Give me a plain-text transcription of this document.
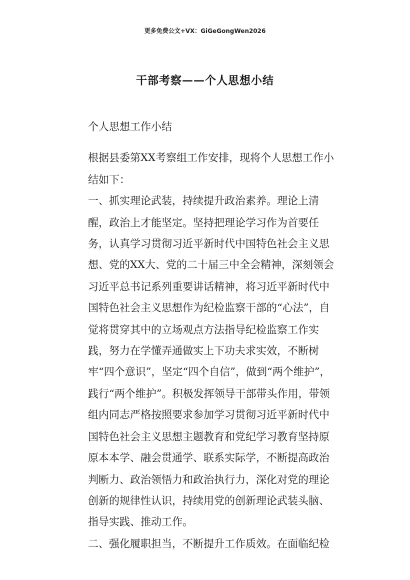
更多免费公文+VX：GiGeGongWen2026
干部考察——个人思想小结

个人思想工作小结

根据县委第XX考察组工作安排，现将个人思想工作小结如下：

一、抓实理论武装，持续提升政治素养。理论上清醒，政治上才能坚定。坚持把理论学习作为首要任务，认真学习贯彻习近平新时代中国特色社会主义思想、党的XX大、党的二十届三中全会精神，深刻领会习近平总书记系列重要讲话精神，将习近平新时代中国特色社会主义思想作为纪检监察干部的“心法”，自觉将贯穿其中的立场观点方法指导纪检监察工作实践，努力在学懂弄通做实上下功夫求实效，不断树牢“四个意识”，坚定“四个自信”，做到“两个维护”，践行“两个维护”。积极发挥领导干部带头作用，带领组内同志严格按照要求参加学习贯彻习近平新时代中国特色社会主义思想主题教育和党纪学习教育坚持原原本本学、融会贯通学、联系实际学，不断提高政治判断力、政治领悟力和政治执行力，深化对党的理论创新的规律性认识，持续用党的创新理论武装头脑、指导实践、推动工作。

二、强化履职担当，不断提升工作质效。在面临纪检
